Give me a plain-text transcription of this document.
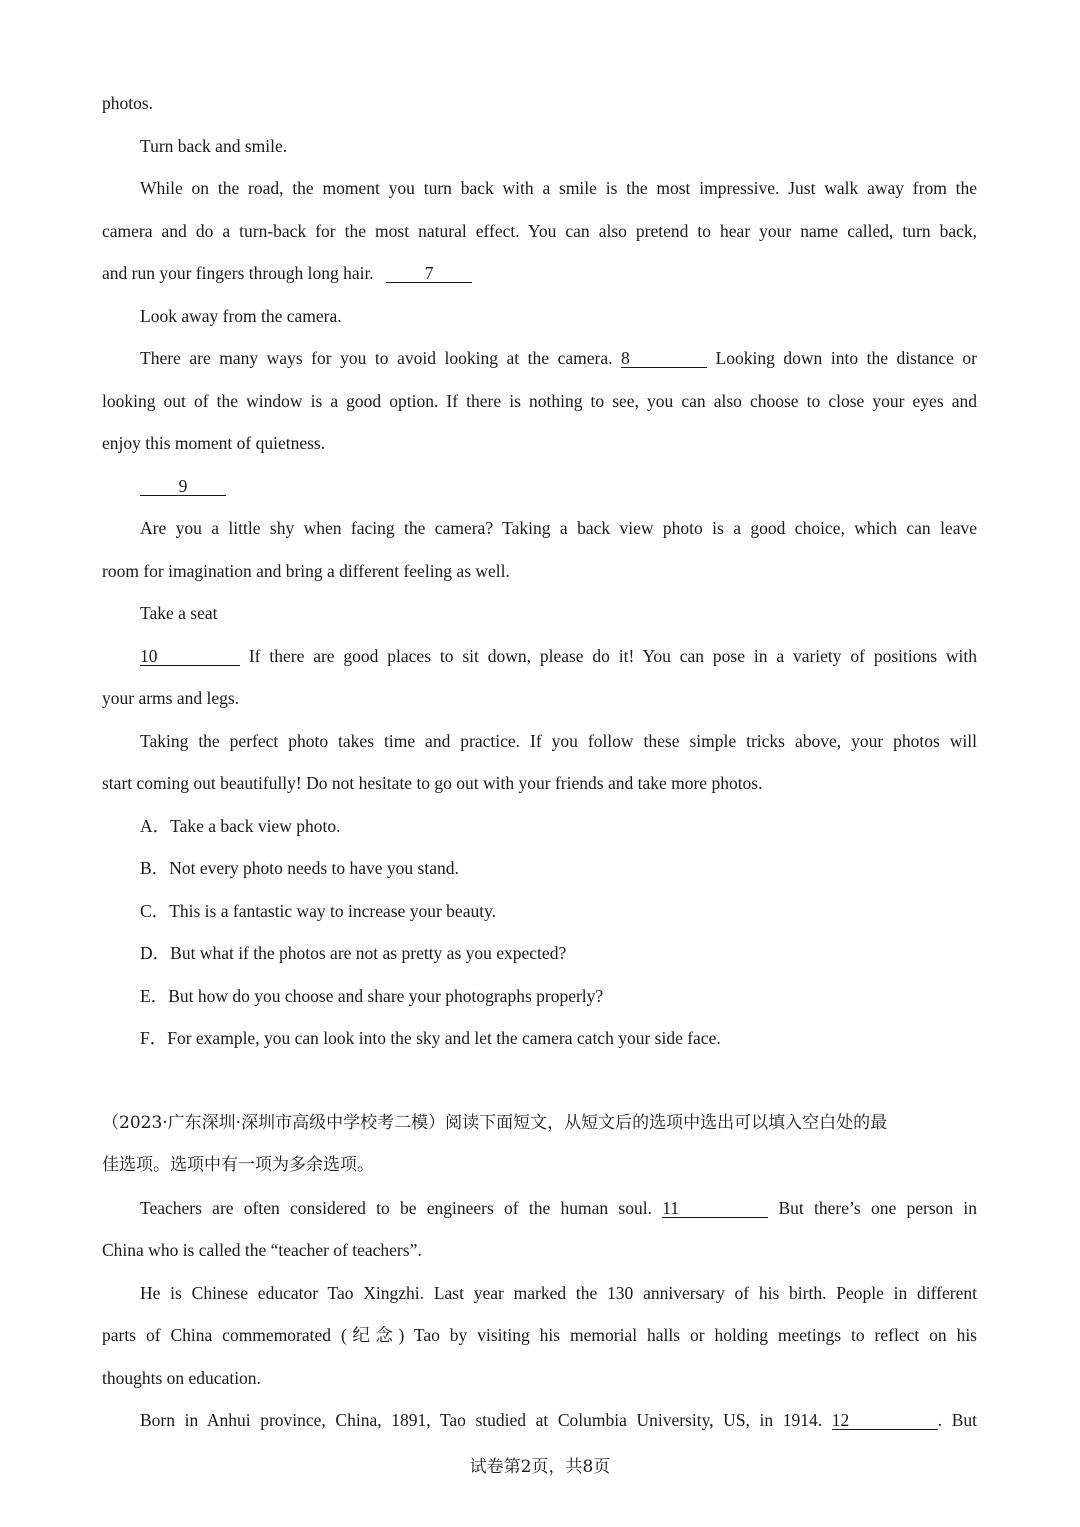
photos.
Turn back and smile.
While on the road, the moment you turn back with a smile is the most impressive. Just walk away from the
camera and do a turn-back for the most natural effect. You can also pretend to hear your name called, turn back,
and run your fingers through long hair.	7
Look away from the camera.
There are many ways for you to avoid looking at the camera. 8	Looking down into the distance or
looking out of the window is a good option. If there is nothing to see, you can also choose to close your eyes and
enjoy this moment of quietness.
9
Are you a little shy when facing the camera? Taking a back view photo is a good choice, which can leave
room for imagination and bring a different feeling as well.
Take a seat
10	If there are good places to sit down, please do it! You can pose in a variety of positions with
your arms and legs.
Taking the perfect photo takes time and practice. If you follow these simple tricks above, your photos will
start coming out beautifully! Do not hesitate to go out with your friends and take more photos.
A．Take a back view photo.
B．Not every photo needs to have you stand.
C．This is a fantastic way to increase your beauty.
D．But what if the photos are not as pretty as you expected?
E．But how do you choose and share your photographs properly?
F．For example, you can look into the sky and let the camera catch your side face.
（2023·广东深圳·深圳市高级中学校考二模）阅读下面短文，从短文后的选项中选出可以填入空白处的最
佳选项。选项中有一项为多余选项。
Teachers are often considered to be engineers of the human soul. 11	But there’s one person in
China who is called the “teacher of teachers”.
He is Chinese educator Tao Xingzhi. Last year marked the 130 anniversary of his birth. People in different
parts of China commemorated (纪念) Tao by visiting his memorial halls or holding meetings to reflect on his
thoughts on education.
Born in Anhui province, China, 1891, Tao studied at Columbia University, US, in 1914. 12	. But
试卷第2页，共8页
